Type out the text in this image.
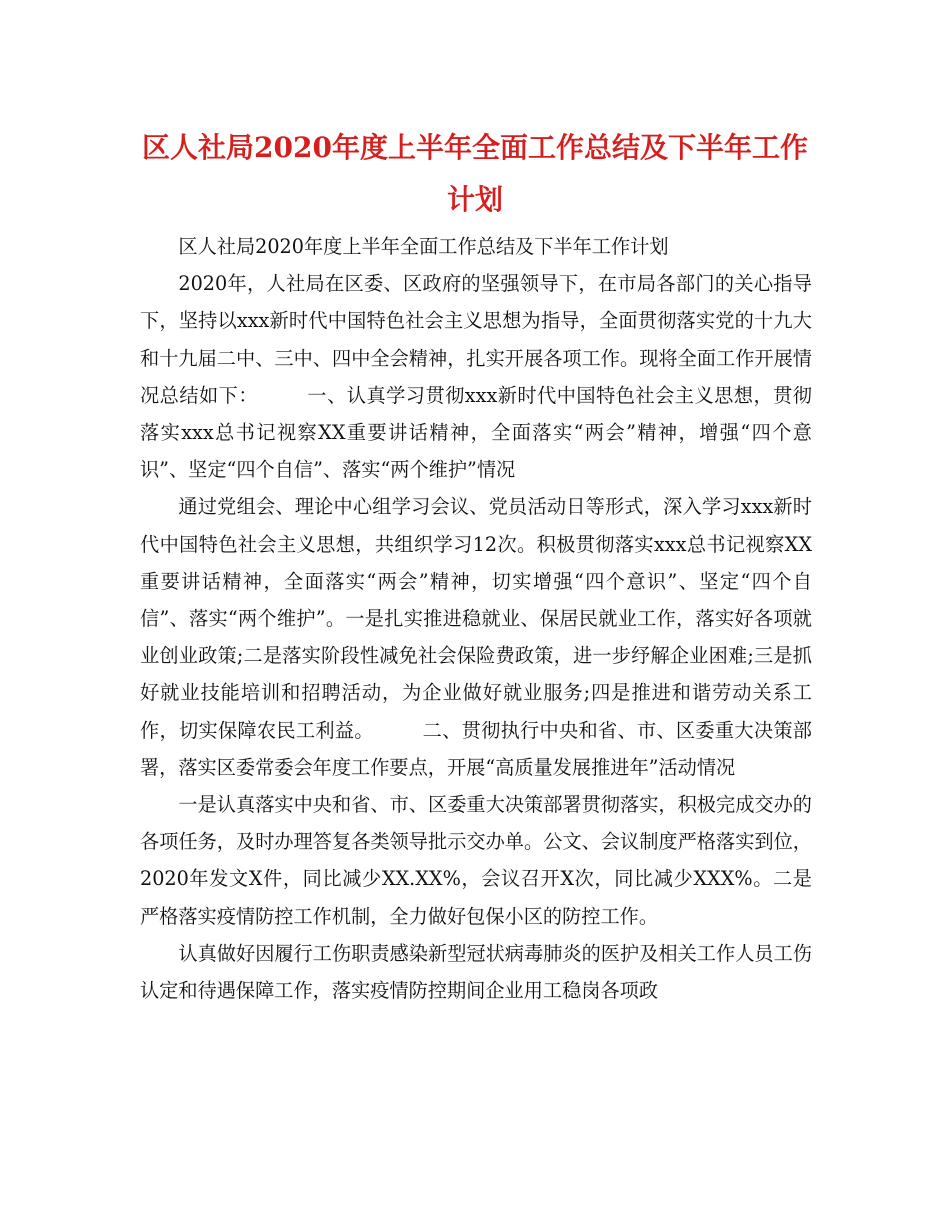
区人社局2020年度上半年全面工作总结及下半年工作计划

区人社局2020年度上半年全面工作总结及下半年工作计划

2020年，人社局在区委、区政府的坚强领导下，在市局各部门的关心指导下，坚持以xxx新时代中国特色社会主义思想为指导，全面贯彻落实党的十九大和十九届二中、三中、四中全会精神，扎实开展各项工作。现将全面工作开展情况总结如下：　　　一、认真学习贯彻xxx新时代中国特色社会主义思想，贯彻落实xxx总书记视察XX重要讲话精神，全面落实“两会”精神，增强“四个意识”、坚定“四个自信”、落实“两个维护”情况

通过党组会、理论中心组学习会议、党员活动日等形式，深入学习xxx新时代中国特色社会主义思想，共组织学习12次。积极贯彻落实xxx总书记视察XX重要讲话精神，全面落实“两会”精神，切实增强“四个意识”、坚定“四个自信”、落实“两个维护”。一是扎实推进稳就业、保居民就业工作，落实好各项就业创业政策;二是落实阶段性减免社会保险费政策，进一步纾解企业困难;三是抓好就业技能培训和招聘活动，为企业做好就业服务;四是推进和谐劳动关系工作，切实保障农民工利益。　　　二、贯彻执行中央和省、市、区委重大决策部署，落实区委常委会年度工作要点，开展“高质量发展推进年”活动情况

一是认真落实中央和省、市、区委重大决策部署贯彻落实，积极完成交办的各项任务，及时办理答复各类领导批示交办单。公文、会议制度严格落实到位，2020年发文X件，同比减少XX.XX%，会议召开X次，同比减少XXX%。二是严格落实疫情防控工作机制，全力做好包保小区的防控工作。

认真做好因履行工伤职责感染新型冠状病毒肺炎的医护及相关工作人员工伤认定和待遇保障工作，落实疫情防控期间企业用工稳岗各项政
